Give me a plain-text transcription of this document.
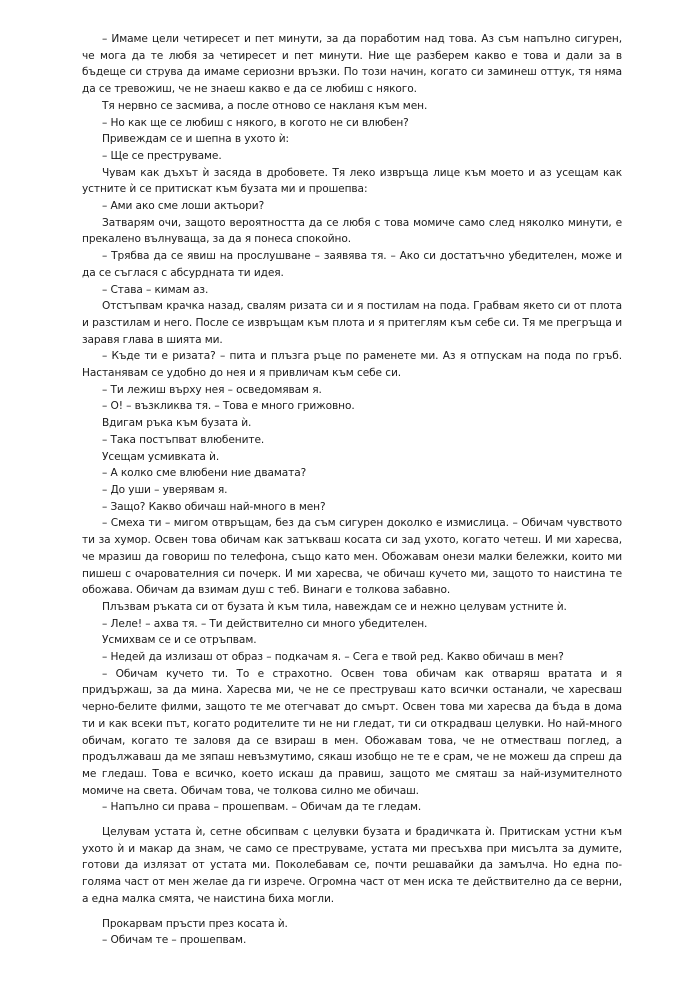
– Имаме цели четиресет и пет минути, за да поработим над това. Аз съм напълно сигурен, че мога да те любя за четиресет и пет минути. Ние ще разберем какво е това и дали за в бъдеще си струва да имаме сериозни връзки. По този начин, когато си заминеш оттук, тя няма да се тревожиш, че не знаеш какво е да се любиш с някого.

Тя нервно се засмива, а после отново се накланя към мен.

– Но как ще се любиш с някого, в когото не си влюбен?

Привеждам се и шепна в ухото ѝ:

– Ще се преструваме.

Чувам как дъхът ѝ засяда в дробовете. Тя леко извръща лице към моето и аз усещам как устните ѝ се притискат към бузата ми и прошепва:

– Ами ако сме лоши актьори?

Затварям очи, защото вероятността да се любя с това момиче само след няколко минути, е прекалено вълнуваща, за да я понеса спокойно.

– Трябва да се явиш на прослушване – заявява тя. – Ако си достатъчно убедителен, може и да се съглася с абсурдната ти идея.

– Става – кимам аз.

Отстъпвам крачка назад, свалям ризата си и я постилам на пода. Грабвам якето си от плота и разстилам и него. После се извръщам към плота и я притеглям към себе си. Тя ме прегръща и заравя глава в шията ми.

– Къде ти е ризата? – пита и плъзга ръце по раменете ми. Аз я отпускам на пода по гръб. Настанявам се удобно до нея и я привличам към себе си.

– Ти лежиш върху нея – осведомявам я.

– О! – възкликва тя. – Това е много грижовно.

Вдигам ръка към бузата ѝ.

– Така постъпват влюбените.

Усещам усмивката ѝ.

– А колко сме влюбени ние двамата?

– До уши – уверявам я.

– Защо? Какво обичаш най-много в мен?

– Смеха ти – мигом отвръщам, без да съм сигурен доколко е измислица. – Обичам чувството ти за хумор. Освен това обичам как затъкваш косата си зад ухото, когато четеш. И ми харесва, че мразиш да говориш по телефона, също като мен. Обожавам онези малки бележки, които ми пишеш с очарователния си почерк. И ми харесва, че обичаш кучето ми, защото то наистина те обожава. Обичам да взимам душ с теб. Винаги е толкова забавно.

Плъзвам ръката си от бузата ѝ към тила, навеждам се и нежно целувам устните ѝ.

– Леле! – ахва тя. – Ти действително си много убедителен.

Усмихвам се и се отръпвам.

– Недей да излизаш от образ – подкачам я. – Сега е твой ред. Какво обичаш в мен?

– Обичам кучето ти. То е страхотно. Освен това обичам как отваряш вратата и я придържаш, за да мина. Харесва ми, че не се преструваш като всички останали, че харесваш черно-белите филми, защото те ме отегчават до смърт. Освен това ми харесва да бъда в дома ти и как всеки път, когато родителите ти не ни гледат, ти си открадваш целувки. Но най-много обичам, когато те заловя да се взираш в мен. Обожавам това, че не отместваш поглед, а продължаваш да ме зяпаш невъзмутимо, сякаш изобщо не те е срам, че не можеш да спреш да ме гледаш. Това е всичко, което искаш да правиш, защото ме смяташ за най-изумителното момиче на света. Обичам това, че толкова силно ме обичаш.

– Напълно си права – прошепвам. – Обичам да те гледам.

Целувам устата ѝ, сетне обсипвам с целувки бузата и брадичката ѝ. Притискам устни към ухото ѝ и макар да знам, че само се преструваме, устата ми пресъхва при мисълта за думите, готови да излязат от устата ми. Поколебавам се, почти решавайки да замълча. Но една по-голяма част от мен желае да ги изрече. Огромна част от мен иска те действително да се верни, а една малка смята, че наистина биха могли.

Прокарвам пръсти през косата ѝ.

– Обичам те – прошепвам.
